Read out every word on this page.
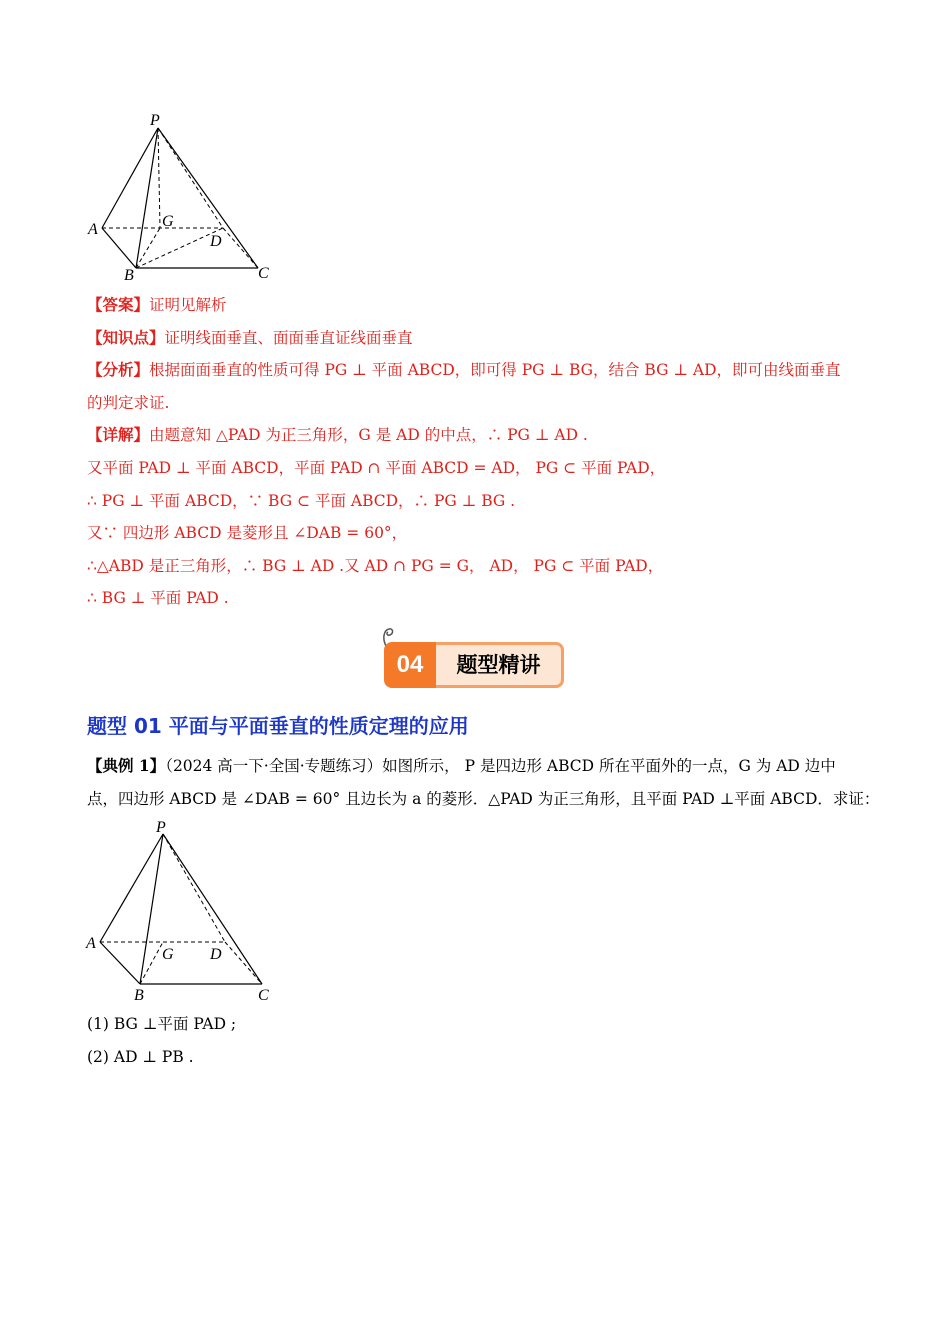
P
A	G
D
B	C
【答案】证明见解析
【知识点】证明线面垂直、面面垂直证线面垂直
【分析】根据面面垂直的性质可得 PG ⊥ 平面 ABCD，即可得 PG ⊥ BG，结合 BG ⊥ AD，即可由线面垂直
的判定求证.
【详解】由题意知 △PAD 为正三角形，G 是 AD 的中点，∴ PG ⊥ AD .
又平面 PAD ⊥ 平面 ABCD，平面 PAD ∩ 平面 ABCD = AD， PG ⊂ 平面 PAD，
∴ PG ⊥ 平面 ABCD，∵ BG ⊂ 平面 ABCD，∴ PG ⊥ BG .
又∵ 四边形 ABCD 是菱形且 ∠DAB = 60°，
∴△ABD 是正三角形，∴ BG ⊥ AD .又 AD ∩ PG = G， AD， PG ⊂ 平面 PAD，
∴ BG ⊥ 平面 PAD .
04	题型精讲
题型 01 平面与平面垂直的性质定理的应用
【典例 1】（2024 高一下·全国·专题练习）如图所示， P 是四边形 ABCD 所在平面外的一点，G 为 AD 边中
点，四边形 ABCD 是 ∠DAB = 60° 且边长为 a 的菱形．△PAD 为正三角形，且平面 PAD ⊥平面 ABCD．求证：
P
A
G D
B	C
(1) BG ⊥平面 PAD ;
(2) AD ⊥ PB .
